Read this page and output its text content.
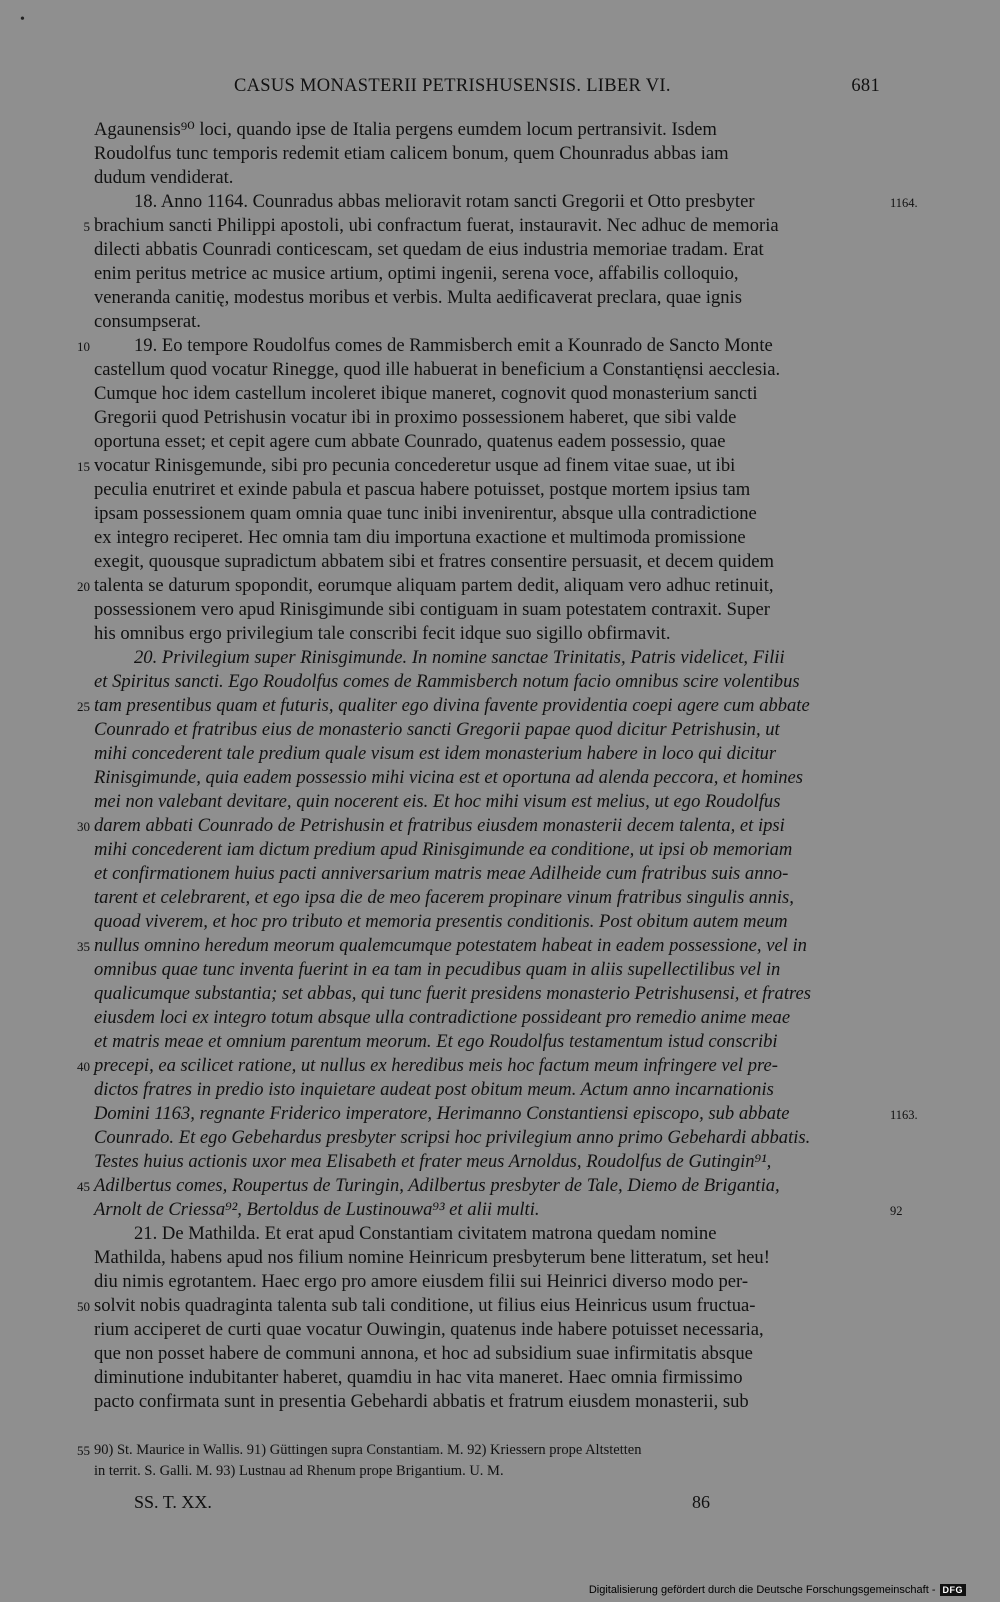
•
CASUS MONASTERII PETRISHUSENSIS. LIBER VI.	681
Agaunensis⁹⁰ loci, quando ipse de Italia pergens eumdem locum pertransivit. Isdem
Roudolfus tunc temporis redemit etiam calicem bonum, quem Chounradus abbas iam
dudum vendiderat.
18. Anno 1164. Counradus abbas melioravit rotam sancti Gregorii et Otto presbyter	1164.
5 brachium sancti Philippi apostoli, ubi confractum fuerat, instauravit. Nec adhuc de memoria
dilecti abbatis Counradi conticescam, set quedam de eius industria memoriae tradam. Erat
enim peritus metrice ac musice artium, optimi ingenii, serena voce, affabilis colloquio,
veneranda canitię, modestus moribus et verbis. Multa aedificaverat preclara, quae ignis
consumpserat.
10 19. Eo tempore Roudolfus comes de Rammisberch emit a Kounrado de Sancto Monte
castellum quod vocatur Rinegge, quod ille habuerat in beneficium a Constantięnsi aecclesia.
Cumque hoc idem castellum incoleret ibique maneret, cognovit quod monasterium sancti
Gregorii quod Petrishusin vocatur ibi in proximo possessionem haberet, que sibi valde
oportuna esset; et cepit agere cum abbate Counrado, quatenus eadem possessio, quae
15 vocatur Rinisgemunde, sibi pro pecunia concederetur usque ad finem vitae suae, ut ibi
peculia enutriret et exinde pabula et pascua habere potuisset, postque mortem ipsius tam
ipsam possessionem quam omnia quae tunc inibi invenirentur, absque ulla contradictione
ex integro reciperet. Hec omnia tam diu importuna exactione et multimoda promissione
exegit, quousque supradictum abbatem sibi et fratres consentire persuasit, et decem quidem
20 talenta se daturum spopondit, eorumque aliquam partem dedit, aliquam vero adhuc retinuit,
possessionem vero apud Rinisgimunde sibi contiguam in suam potestatem contraxit. Super
his omnibus ergo privilegium tale conscribi fecit idque suo sigillo obfirmavit.
20. Privilegium super Rinisgimunde. In nomine sanctae Trinitatis, Patris videlicet, Filii
et Spiritus sancti. Ego Roudolfus comes de Rammisberch notum facio omnibus scire volentibus
25 tam presentibus quam et futuris, qualiter ego divina favente providentia coepi agere cum abbate
Counrado et fratribus eius de monasterio sancti Gregorii papae quod dicitur Petrishusin, ut
mihi concederent tale predium quale visum est idem monasterium habere in loco qui dicitur
Rinisgimunde, quia eadem possessio mihi vicina est et oportuna ad alenda peccora, et homines
mei non valebant devitare, quin nocerent eis. Et hoc mihi visum est melius, ut ego Roudolfus
30 darem abbati Counrado de Petrishusin et fratribus eiusdem monasterii decem talenta, et ipsi
mihi concederent iam dictum predium apud Rinisgimunde ea conditione, ut ipsi ob memoriam
et confirmationem huius pacti anniversarium matris meae Adilheide cum fratribus suis anno-
tarent et celebrarent, et ego ipsa die de meo facerem propinare vinum fratribus singulis annis,
quoad viverem, et hoc pro tributo et memoria presentis conditionis. Post obitum autem meum
35 nullus omnino heredum meorum qualemcumque potestatem habeat in eadem possessione, vel in
omnibus quae tunc inventa fuerint in ea tam in pecudibus quam in aliis supellectilibus vel in
qualicumque substantia; set abbas, qui tunc fuerit presidens monasterio Petrishusensi, et fratres
eiusdem loci ex integro totum absque ulla contradictione possideant pro remedio anime meae
et matris meae et omnium parentum meorum. Et ego Roudolfus testamentum istud conscribi
40 precepi, ea scilicet ratione, ut nullus ex heredibus meis hoc factum meum infringere vel pre-
dictos fratres in predio isto inquietare audeat post obitum meum. Actum anno incarnationis
Domini 1163, regnante Friderico imperatore, Herimanno Constantiensi episcopo, sub abbate	1163.
Counrado. Et ego Gebehardus presbyter scripsi hoc privilegium anno primo Gebehardi abbatis.
Testes huius actionis uxor mea Elisabeth et frater meus Arnoldus, Roudolfus de Gutingin⁹¹,
45 Adilbertus comes, Roupertus de Turingin, Adilbertus presbyter de Tale, Diemo de Brigantia,
Arnolt de Criessa⁹², Bertoldus de Lustinouwa⁹³ et alii multi.	92
21. De Mathilda. Et erat apud Constantiam civitatem matrona quedam nomine
Mathilda, habens apud nos filium nomine Heinricum presbyterum bene litteratum, set heu!
diu nimis egrotantem. Haec ergo pro amore eiusdem filii sui Heinrici diverso modo per-
50 solvit nobis quadraginta talenta sub tali conditione, ut filius eius Heinricus usum fructua-
rium acciperet de curti quae vocatur Ouwingin, quatenus inde habere potuisset necessaria,
que non posset habere de communi annona, et hoc ad subsidium suae infirmitatis absque
diminutione indubitanter haberet, quamdiu in hac vita maneret. Haec omnia firmissimo
pacto confirmata sunt in presentia Gebehardi abbatis et fratrum eiusdem monasterii, sub
55 90) St. Maurice in Wallis. 91) Güttingen supra Constantiam. M. 92) Kriessern prope Altstetten
in territ. S. Galli. M. 93) Lustnau ad Rhenum prope Brigantium. U. M.
SS. T. XX.	86
Digitalisierung gefördert durch die Deutsche Forschungsgemeinschaft - DFG
